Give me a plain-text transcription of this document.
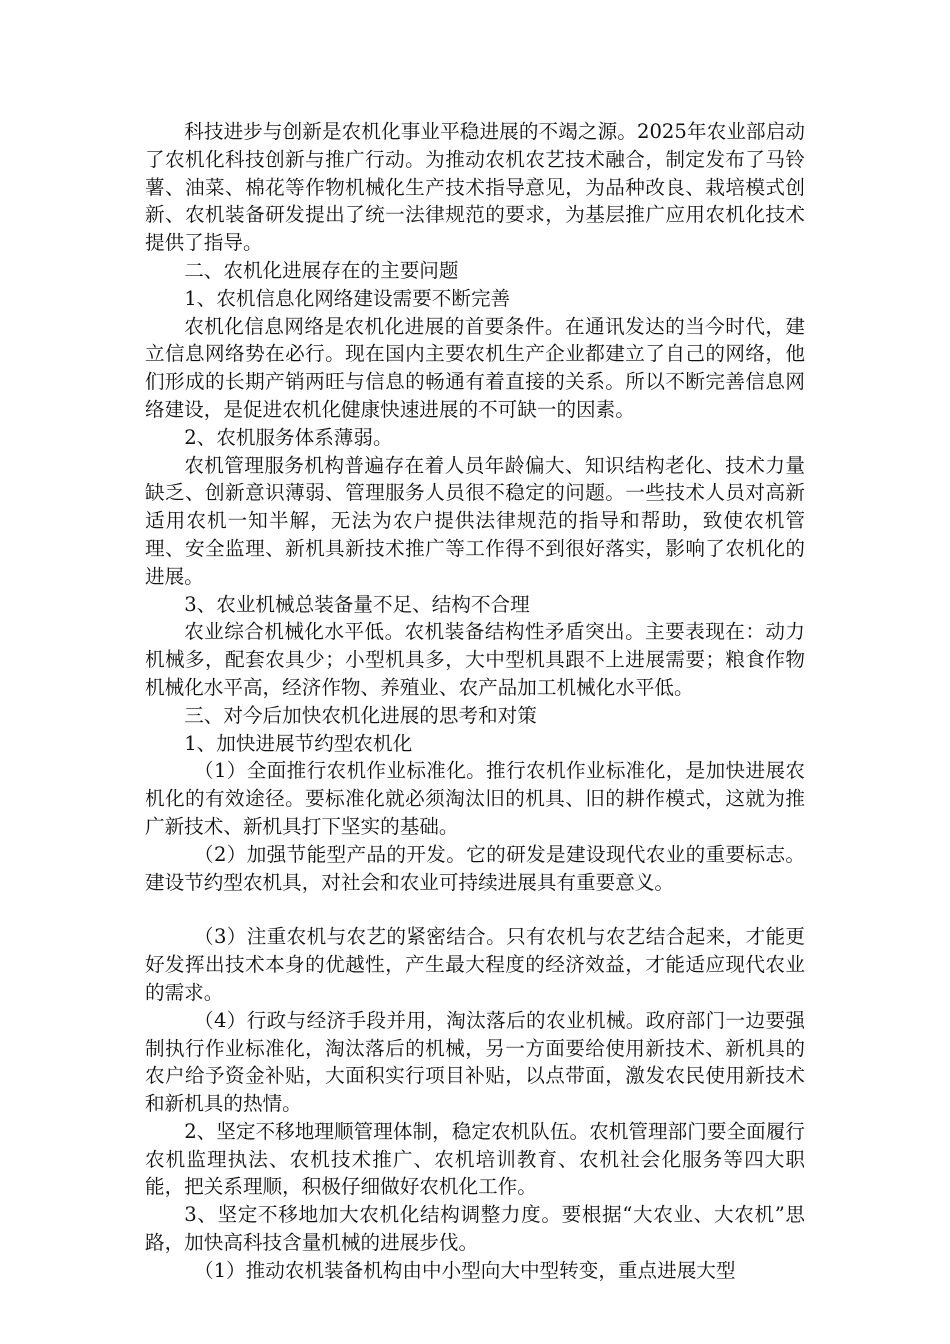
科技进步与创新是农机化事业平稳进展的不竭之源。2025年农业部启动了农机化科技创新与推广行动。为推动农机农艺技术融合，制定发布了马铃薯、油菜、棉花等作物机械化生产技术指导意见，为品种改良、栽培模式创新、农机装备研发提出了统一法律规范的要求，为基层推广应用农机化技术提供了指导。

二、农机化进展存在的主要问题

1、农机信息化网络建设需要不断完善

农机化信息网络是农机化进展的首要条件。在通讯发达的当今时代，建立信息网络势在必行。现在国内主要农机生产企业都建立了自己的网络，他们形成的长期产销两旺与信息的畅通有着直接的关系。所以不断完善信息网络建设，是促进农机化健康快速进展的不可缺一的因素。

2、农机服务体系薄弱。

农机管理服务机构普遍存在着人员年龄偏大、知识结构老化、技术力量缺乏、创新意识薄弱、管理服务人员很不稳定的问题。一些技术人员对高新适用农机一知半解，无法为农户提供法律规范的指导和帮助，致使农机管理、安全监理、新机具新技术推广等工作得不到很好落实，影响了农机化的进展。

3、农业机械总装备量不足、结构不合理

农业综合机械化水平低。农机装备结构性矛盾突出。主要表现在：动力机械多，配套农具少；小型机具多，大中型机具跟不上进展需要；粮食作物机械化水平高，经济作物、养殖业、农产品加工机械化水平低。

三、对今后加快农机化进展的思考和对策

1、加快进展节约型农机化

（1）全面推行农机作业标准化。推行农机作业标准化，是加快进展农机化的有效途径。要标准化就必须淘汰旧的机具、旧的耕作模式，这就为推广新技术、新机具打下坚实的基础。

（2）加强节能型产品的开发。它的研发是建设现代农业的重要标志。建设节约型农机具，对社会和农业可持续进展具有重要意义。

（3）注重农机与农艺的紧密结合。只有农机与农艺结合起来，才能更好发挥出技术本身的优越性，产生最大程度的经济效益，才能适应现代农业的需求。

（4）行政与经济手段并用，淘汰落后的农业机械。政府部门一边要强制执行作业标准化，淘汰落后的机械，另一方面要给使用新技术、新机具的农户给予资金补贴，大面积实行项目补贴，以点带面，激发农民使用新技术和新机具的热情。

2、坚定不移地理顺管理体制，稳定农机队伍。农机管理部门要全面履行农机监理执法、农机技术推广、农机培训教育、农机社会化服务等四大职能，把关系理顺，积极仔细做好农机化工作。

3、坚定不移地加大农机化结构调整力度。要根据“大农业、大农机”思路，加快高科技含量机械的进展步伐。

（1）推动农机装备机构由中小型向大中型转变，重点进展大型
